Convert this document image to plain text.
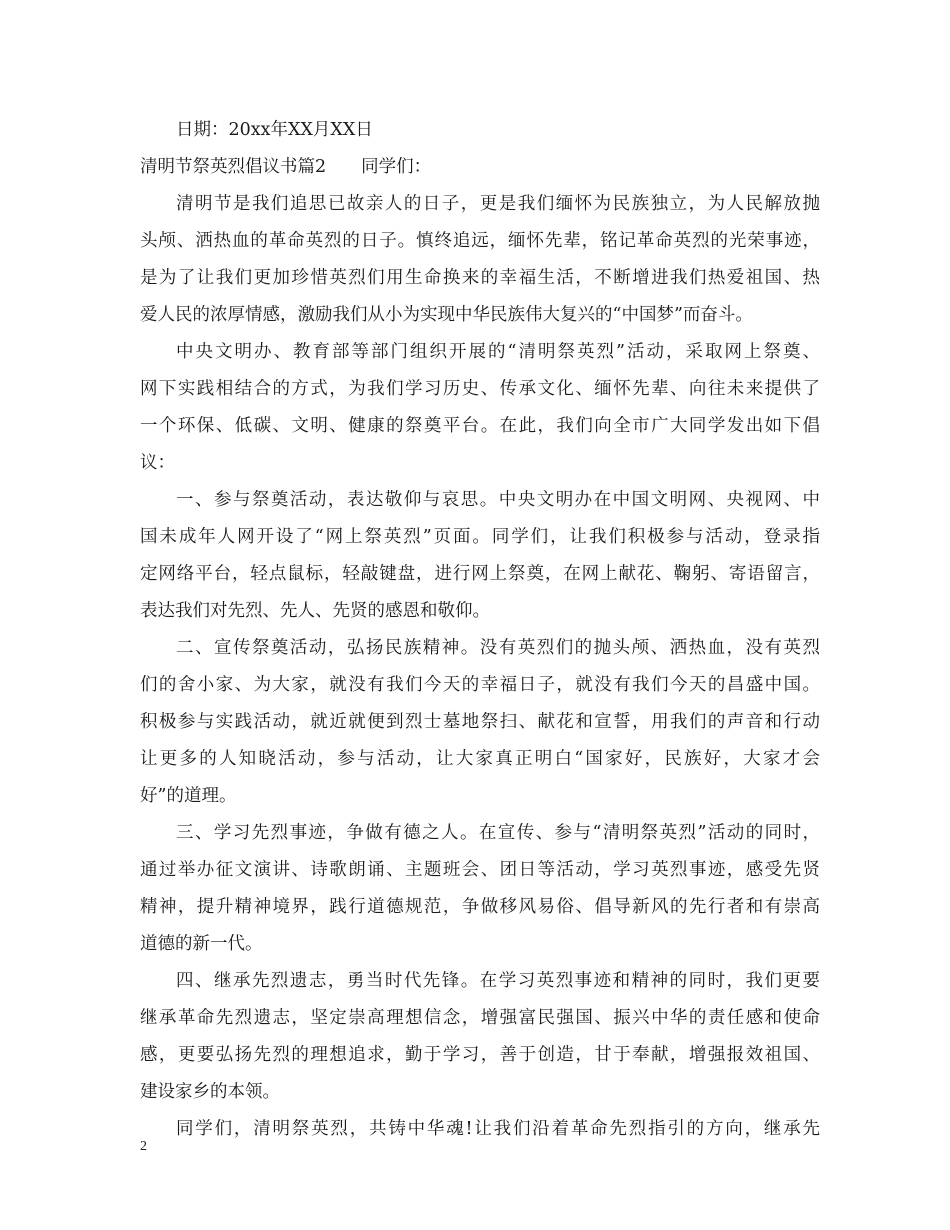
日期：20xx年XX月XX日
清明节祭英烈倡议书篇2　　同学们：
清明节是我们追思已故亲人的日子，更是我们缅怀为民族独立，为人民解放抛
头颅、洒热血的革命英烈的日子。慎终追远，缅怀先辈，铭记革命英烈的光荣事迹，
是为了让我们更加珍惜英烈们用生命换来的幸福生活，不断增进我们热爱祖国、热
爱人民的浓厚情感，激励我们从小为实现中华民族伟大复兴的“中国梦”而奋斗。
中央文明办、教育部等部门组织开展的“清明祭英烈”活动，采取网上祭奠、
网下实践相结合的方式，为我们学习历史、传承文化、缅怀先辈、向往未来提供了
一个环保、低碳、文明、健康的祭奠平台。在此，我们向全市广大同学发出如下倡
议：
一、参与祭奠活动，表达敬仰与哀思。中央文明办在中国文明网、央视网、中
国未成年人网开设了“网上祭英烈”页面。同学们，让我们积极参与活动，登录指
定网络平台，轻点鼠标，轻敲键盘，进行网上祭奠，在网上献花、鞠躬、寄语留言，
表达我们对先烈、先人、先贤的感恩和敬仰。
二、宣传祭奠活动，弘扬民族精神。没有英烈们的抛头颅、洒热血，没有英烈
们的舍小家、为大家，就没有我们今天的幸福日子，就没有我们今天的昌盛中国。
积极参与实践活动，就近就便到烈士墓地祭扫、献花和宣誓，用我们的声音和行动
让更多的人知晓活动，参与活动，让大家真正明白“国家好，民族好，大家才会
好”的道理。
三、学习先烈事迹，争做有德之人。在宣传、参与“清明祭英烈”活动的同时，
通过举办征文演讲、诗歌朗诵、主题班会、团日等活动，学习英烈事迹，感受先贤
精神，提升精神境界，践行道德规范，争做移风易俗、倡导新风的先行者和有崇高
道德的新一代。
四、继承先烈遗志，勇当时代先锋。在学习英烈事迹和精神的同时，我们更要
继承革命先烈遗志，坚定崇高理想信念，增强富民强国、振兴中华的责任感和使命
感，更要弘扬先烈的理想追求，勤于学习，善于创造，甘于奉献，增强报效祖国、
建设家乡的本领。
同学们，清明祭英烈，共铸中华魂!让我们沿着革命先烈指引的方向，继承先
2
